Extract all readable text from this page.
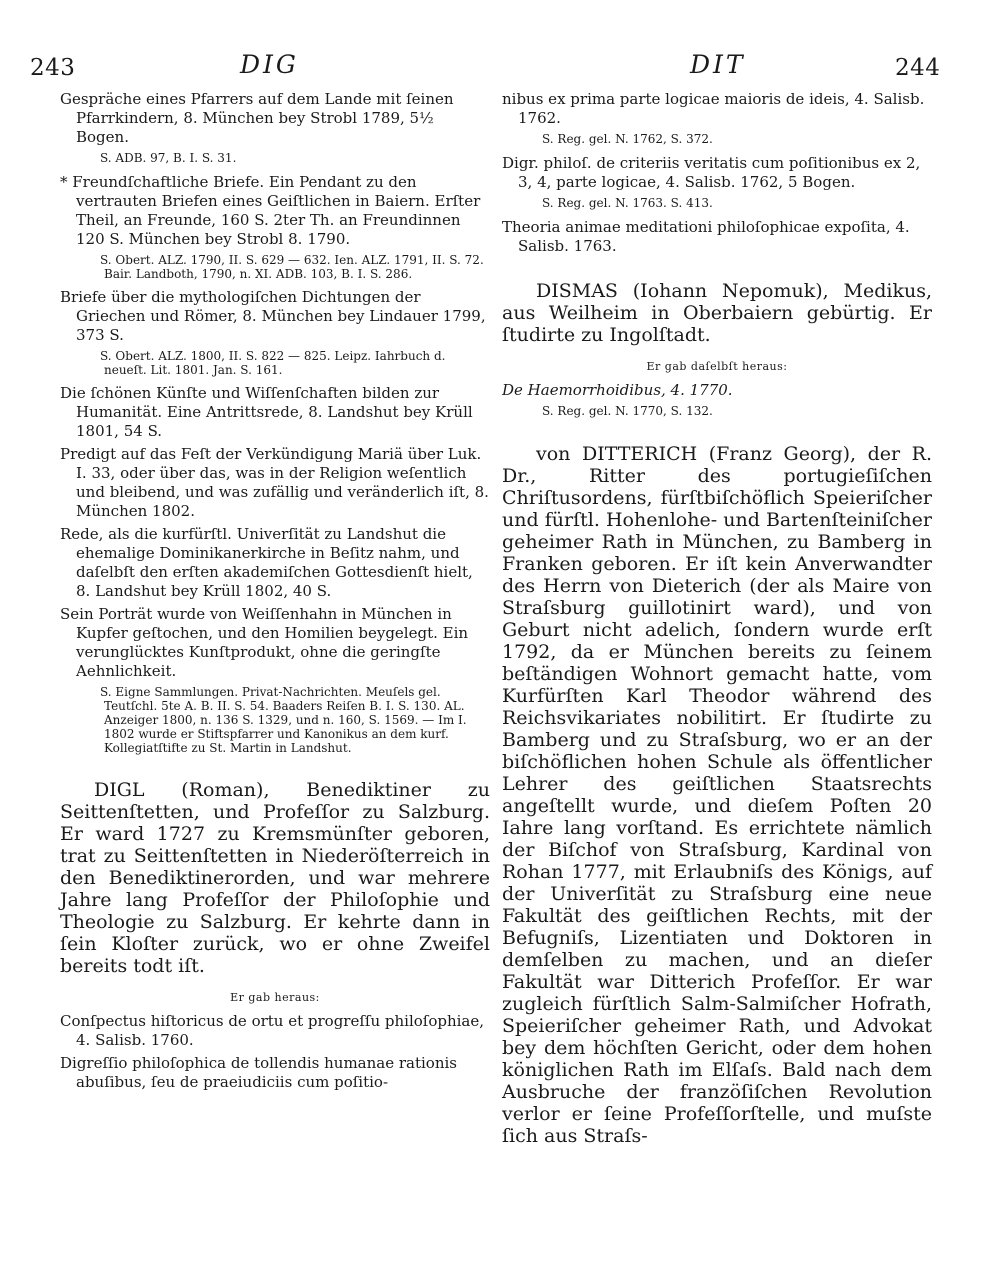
243	DIG	DIT	244

Gespräche eines Pfarrers auf dem Lande mit ſeinen Pfarrkindern, 8. München bey Strobl 1789, 5½ Bogen.

S. ADB. 97, B. I. S. 31.

* Freundſchaftliche Briefe. Ein Pendant zu den vertrauten Briefen eines Geiſtlichen in Baiern. Erſter Theil, an Freunde, 160 S. 2ter Th. an Freundinnen 120 S. München bey Strobl 8. 1790.

S. Obert. ALZ. 1790, II. S. 629 — 632. Ien. ALZ. 1791, II. S. 72. Bair. Landboth, 1790, n. XI. ADB. 103, B. I. S. 286.

Briefe über die mythologiſchen Dichtungen der Griechen und Römer, 8. München bey Lindauer 1799, 373 S.

S. Obert. ALZ. 1800, II. S. 822 — 825. Leipz. Iahrbuch d. neueſt. Lit. 1801. Jan. S. 161.

Die ſchönen Künſte und Wiſſenſchaften bilden zur Humanität. Eine Antrittsrede, 8. Landshut bey Krüll 1801, 54 S.

Predigt auf das Feſt der Verkündigung Mariä über Luk. I. 33, oder über das, was in der Religion weſentlich und bleibend, und was zufällig und veränderlich iſt, 8. München 1802.

Rede, als die kurfürſtl. Univerſität zu Landshut die ehemalige Dominikanerkirche in Beſitz nahm, und daſelbſt den erſten akademiſchen Gottesdienſt hielt, 8. Landshut bey Krüll 1802, 40 S.

Sein Porträt wurde von Weiſſenhahn in München in Kupfer geſtochen, und den Homilien beygelegt. Ein verunglücktes Kunſtprodukt, ohne die geringſte Aehnlichkeit.

S. Eigne Sammlungen. Privat-Nachrichten. Meuſels gel. Teutſchl. 5te A. B. II. S. 54. Baaders Reiſen B. I. S. 130. AL. Anzeiger 1800, n. 136 S. 1329, und n. 160, S. 1569. — Im I. 1802 wurde er Stiftspfarrer und Kanonikus an dem kurf. Kollegiatſtifte zu St. Martin in Landshut.

DIGL (Roman), Benediktiner zu Seittenſtetten, und Profeſſor zu Salzburg. Er ward 1727 zu Kremsmünſter geboren, trat zu Seittenſtetten in Niederöſterreich in den Benediktinerorden, und war mehrere Jahre lang Profeſſor der Philoſophie und Theologie zu Salzburg. Er kehrte dann in ſein Kloſter zurück, wo er ohne Zweifel bereits todt iſt.

Er gab heraus:

Conſpectus hiſtoricus de ortu et progreſſu philoſophiae, 4. Salisb. 1760.

Digreſſio philoſophica de tollendis humanae rationis abuſibus, ſeu de praeiudiciis cum poſitio-

nibus ex prima parte logicae maioris de ideis, 4. Salisb. 1762.

S. Reg. gel. N. 1762, S. 372.

Digr. philoſ. de criteriis veritatis cum poſitionibus ex 2, 3, 4, parte logicae, 4. Salisb. 1762, 5 Bogen.

S. Reg. gel. N. 1763. S. 413.

Theoria animae meditationi philoſophicae expoſita, 4. Salisb. 1763.

DISMAS (Iohann Nepomuk), Medikus, aus Weilheim in Oberbaiern gebürtig. Er ſtudirte zu Ingolſtadt.

Er gab daſelbſt heraus:

De Haemorrhoidibus, 4. 1770.

S. Reg. gel. N. 1770, S. 132.

von DITTERICH (Franz Georg), der R. Dr., Ritter des portugieſiſchen Chriſtusordens, fürſtbiſchöflich Speieriſcher und fürſtl. Hohenlohe- und Bartenſteiniſcher geheimer Rath in München, zu Bamberg in Franken geboren. Er iſt kein Anverwandter des Herrn von Dieterich (der als Maire von Straſsburg guillotinirt ward), und von Geburt nicht adelich, ſondern wurde erſt 1792, da er München bereits zu ſeinem beſtändigen Wohnort gemacht hatte, vom Kurfürſten Karl Theodor während des Reichsvikariates nobilitirt. Er ſtudirte zu Bamberg und zu Straſsburg, wo er an der biſchöflichen hohen Schule als öffentlicher Lehrer des geiſtlichen Staatsrechts angeſtellt wurde, und dieſem Poſten 20 Iahre lang vorſtand. Es errichtete nämlich der Biſchof von Straſsburg, Kardinal von Rohan 1777, mit Erlaubniſs des Königs, auf der Univerſität zu Straſsburg eine neue Fakultät des geiſtlichen Rechts, mit der Befugniſs, Lizentiaten und Doktoren in demſelben zu machen, und an dieſer Fakultät war Ditterich Profeſſor. Er war zugleich fürſtlich Salm-Salmiſcher Hofrath, Speieriſcher geheimer Rath, und Advokat bey dem höchſten Gericht, oder dem hohen königlichen Rath im Elſaſs. Bald nach dem Ausbruche der franzöſiſchen Revolution verlor er ſeine Profeſſorſtelle, und muſste ſich aus Straſs-
